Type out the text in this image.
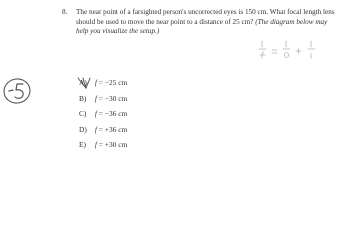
8. The near point of a farsighted person's uncorrected eyes is 150 cm. What focal length lens should be used to move the near point to a distance of 25 cm? (The diagram below may help you visualize the setup.)
A) f = −25 cm
B) f = −30 cm
C) f = −36 cm
D) f = +36 cm
E) f = +30 cm
